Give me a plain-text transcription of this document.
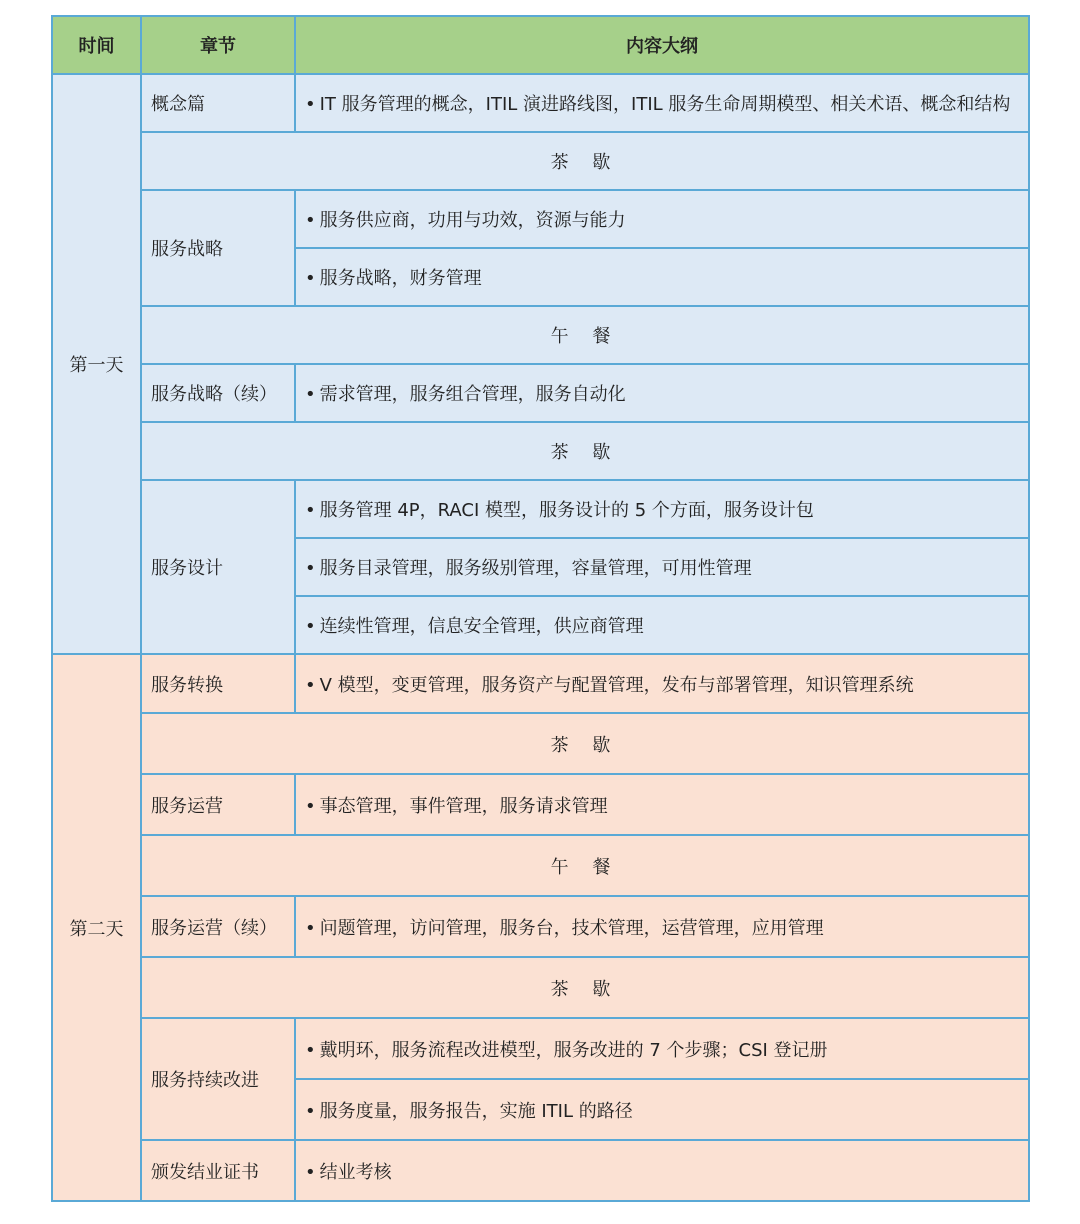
时间	章节	内容大纲
第一天	概念篇	• IT 服务管理的概念，ITIL 演进路线图，ITIL 服务生命周期模型、相关术语、概念和结构
	茶 歇	
	服务战略	• 服务供应商，功用与功效，资源与能力
		• 服务战略，财务管理
	午 餐	
	服务战略（续）	• 需求管理，服务组合管理，服务自动化
	茶 歇	
	服务设计	• 服务管理 4P，RACI 模型，服务设计的 5 个方面，服务设计包
		• 服务目录管理，服务级别管理，容量管理，可用性管理
		• 连续性管理，信息安全管理，供应商管理
第二天	服务转换	• V 模型，变更管理，服务资产与配置管理，发布与部署管理，知识管理系统
	茶 歇	
	服务运营	• 事态管理，事件管理，服务请求管理
	午 餐	
	服务运营（续）	• 问题管理，访问管理，服务台，技术管理，运营管理，应用管理
	茶 歇	
	服务持续改进	• 戴明环，服务流程改进模型，服务改进的 7 个步骤；CSI 登记册
		• 服务度量，服务报告，实施 ITIL 的路径
	颁发结业证书	• 结业考核
